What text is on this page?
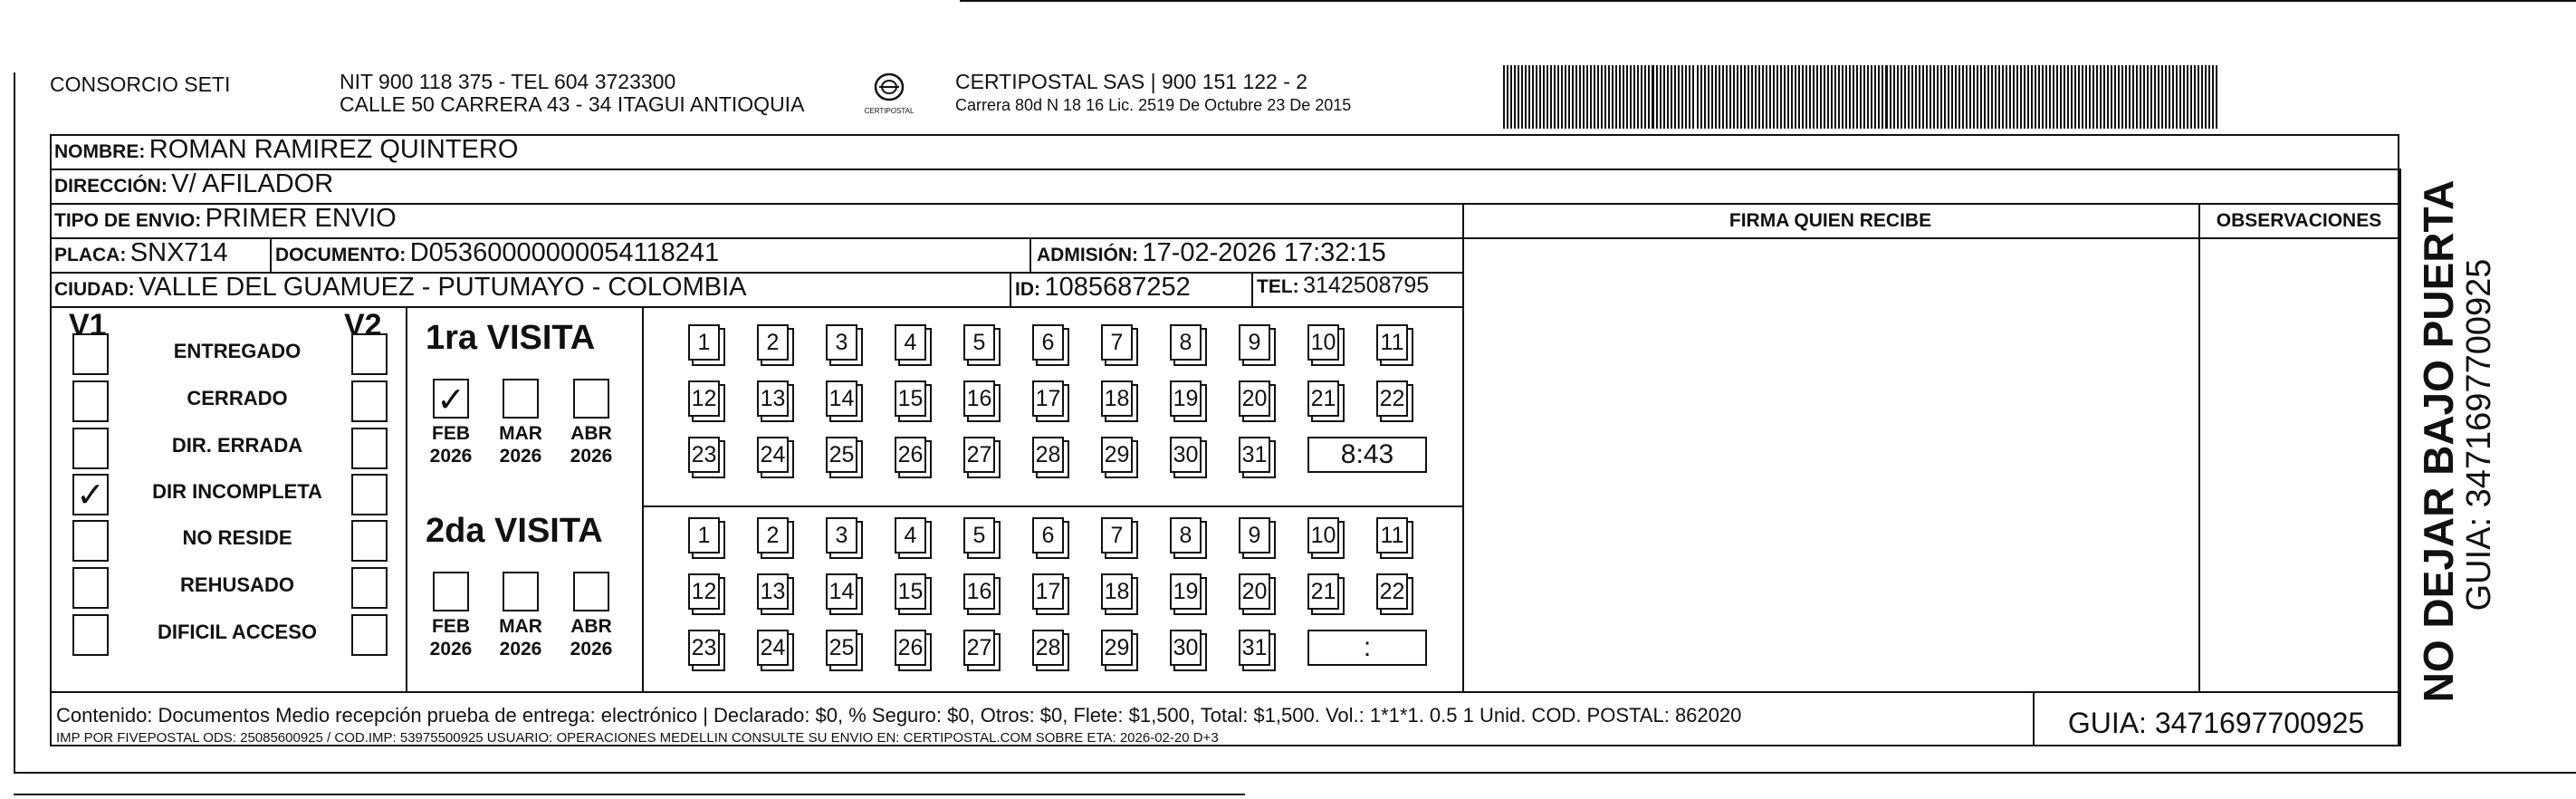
CONSORCIO SETI	NIT 900 118 375 - TEL 604 3723300
CALLE 50 CARRERA 43 - 34 ITAGUI ANTIOQUIA	CERTIPOSTAL
CERTIPOSTAL SAS | 900 151 122 - 2
Carrera 80d N 18 16 Lic. 2519 De Octubre 23 De 2015
NOMBRE: ROMAN RAMIREZ QUINTERO
DIRECCIÓN: V/ AFILADOR
TIPO DE ENVIO: PRIMER ENVIO	FIRMA QUIEN RECIBE	OBSERVACIONES
PLACA: SNX714 DOCUMENTO: D05360000000054118241	ADMISIÓN: 17-02-2026 17:32:15
CIUDAD: VALLE DEL GUAMUEZ - PUTUMAYO - COLOMBIA	ID: 1085687252	TEL: 3142508795
V1	V2
ENTREGADO
CERRADO
DIR. ERRADA
✓	DIR INCOMPLETA
NO RESIDE
REHUSADO
DIFICIL ACCESO
1ra VISITA
2da VISITA
✓
FEB
2026
MAR
2026
ABR
2026
1	2	3	4	5	6	7	8	9	10 11
12 13 14 15 16 17 18 19 20 21 22
23 24 25 26 27 28 29 30 31	8:43
FEB
2026
MAR
2026
ABR
2026
1	2	3	4	5	6	7	8	9	10 11
12 13 14 15 16 17 18 19 20 21 22
23 24 25 26 27 28 29 30 31	:
Contenido: Documentos Medio recepción prueba de entrega: electrónico | Declarado: $0, % Seguro: $0, Otros: $0, Flete: $1,500, Total: $1,500. Vol.: 1*1*1. 0.5 1 Unid. COD. POSTAL: 862020
IMP POR FIVEPOSTAL ODS: 25085600925 / COD.IMP: 53975500925 USUARIO: OPERACIONES MEDELLIN CONSULTE SU ENVIO EN: CERTIPOSTAL.COM SOBRE ETA: 2026-02-20 D+3	GUIA: 3471697700925
NO DEJAR BAJO PUERTA
GUIA: 3471697700925
